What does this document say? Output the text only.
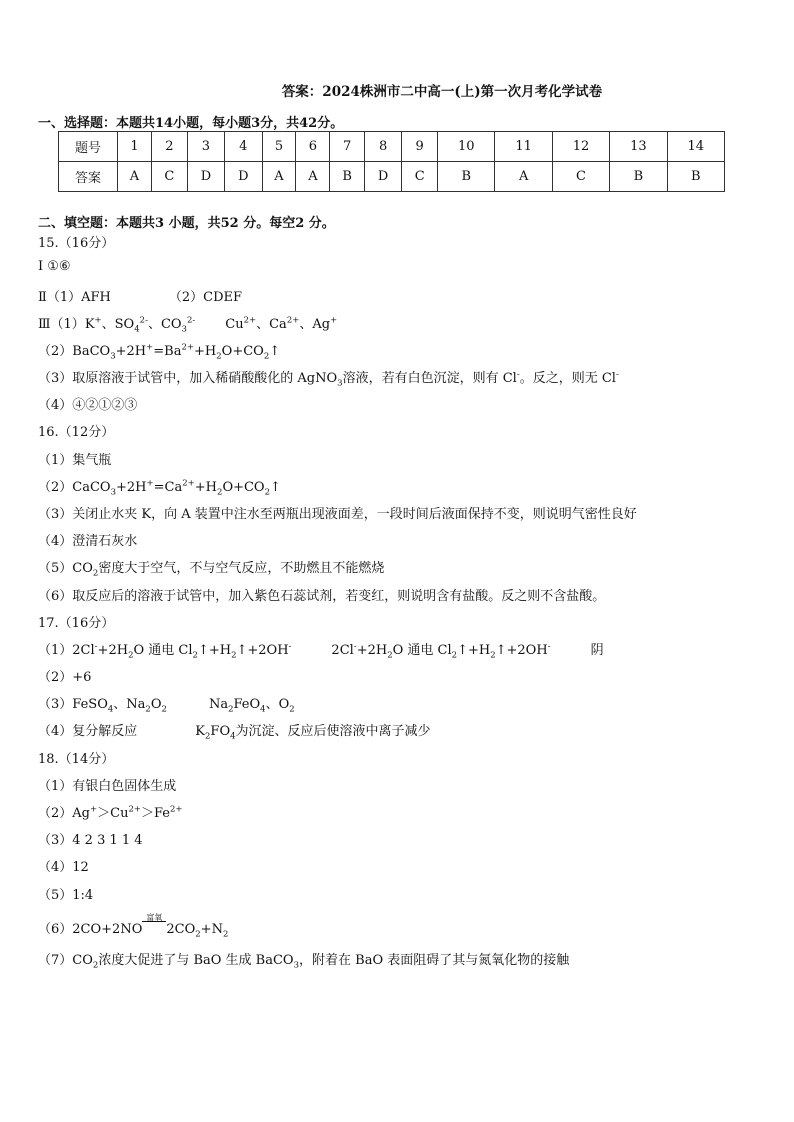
答案：2024株洲市二中高一(上)第一次月考化学试卷
一、选择题：本题共14小题，每小题3分，共42分。
题号	1	2	3	4	5	6	7	8	9	10	11	12	13	14
答案	A	C	D	D	A	A	B	D	C	B	A	C	B	B
二、填空题：本题共3 小题，共52 分。每空2 分。
15.（16分）
Ⅰ ①⑥
Ⅱ（1）AFH	（2）CDEF
Ⅲ（1）K+、$SO_4^{2-}$、$CO_3^{2-}$ $Cu^{2+}$、$Ca^{2+}$、Ag+
$(2)BaCO_3+2H^+=Ba^{2+}+H_2O+CO_2↑$
（3）取原溶液于试管中，加入稀硝酸酸化的 AgNO$_3$溶液，若有白色沉淀，则有 Cl-。反之，则无 Cl-
（4）④②①②③
16.（12分）
（1）集气瓶
$(2)CaCO_3+2H^+=Ca^{2+}+H_2O+CO_2↑$
（3）关闭止水夹 K，向 A 装置中注水至两瓶出现液面差，一段时间后液面保持不变，则说明气密性良好
（4）澄清石灰水
$(5)CO_2$密度大于空气，不与空气反应，不助燃且不能燃烧
（6）取反应后的溶液于试管中，加入紫色石蕊试剂，若变红，则说明含有盐酸。反之则不含盐酸。
17.（16分）
$(1)2Cl^-+2H_2O$ 通电 $Cl_2↑+H_2↑+2OH^-$	$2Cl^-+2H_2O$ 通电 $Cl_2↑+H_2↑+2OH^-$	阴
（2）+6
（3）FeSO$_4$、$Na_2O_2$	$Na_2FeO_4$、$O_2$
（4）复分解反应	$K_2FO_4$为沉淀、反应后使溶液中离子减少
18.（14分）
（1）有银白色固体生成
$(2)Ag^+>Cu^{2+}>Fe^{2+}$
（3）4 2 3 1 1 4
（4）12
（5）1:4
（6）2CO+2NO
富氧
$2CO_2+N_2$
$(7)CO_2$浓度大促进了与 BaO 生成 BaCO$_3$，附着在 BaO 表面阻碍了其与氮氧化物的接触
